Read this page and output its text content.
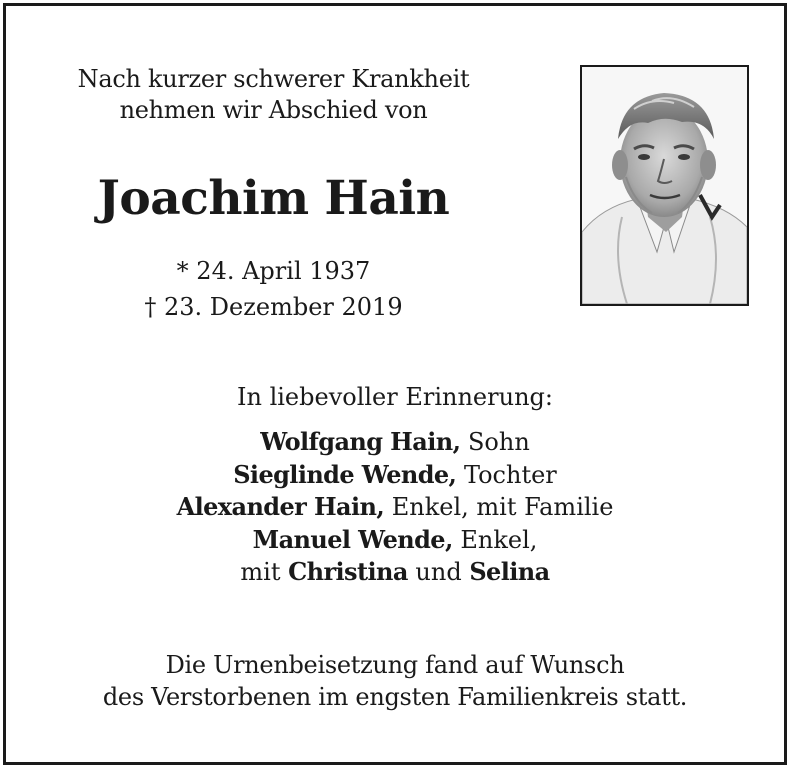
Nach kurzer schwerer Krankheit
nehmen wir Abschied von
Joachim Hain
* 24. April 1937
† 23. Dezember 2019
In liebevoller Erinnerung:
Wolfgang Hain, Sohn
Sieglinde Wende, Tochter
Alexander Hain, Enkel, mit Familie
Manuel Wende, Enkel,
mit Christina und Selina
Die Urnenbeisetzung fand auf Wunsch
des Verstorbenen im engsten Familienkreis statt.
